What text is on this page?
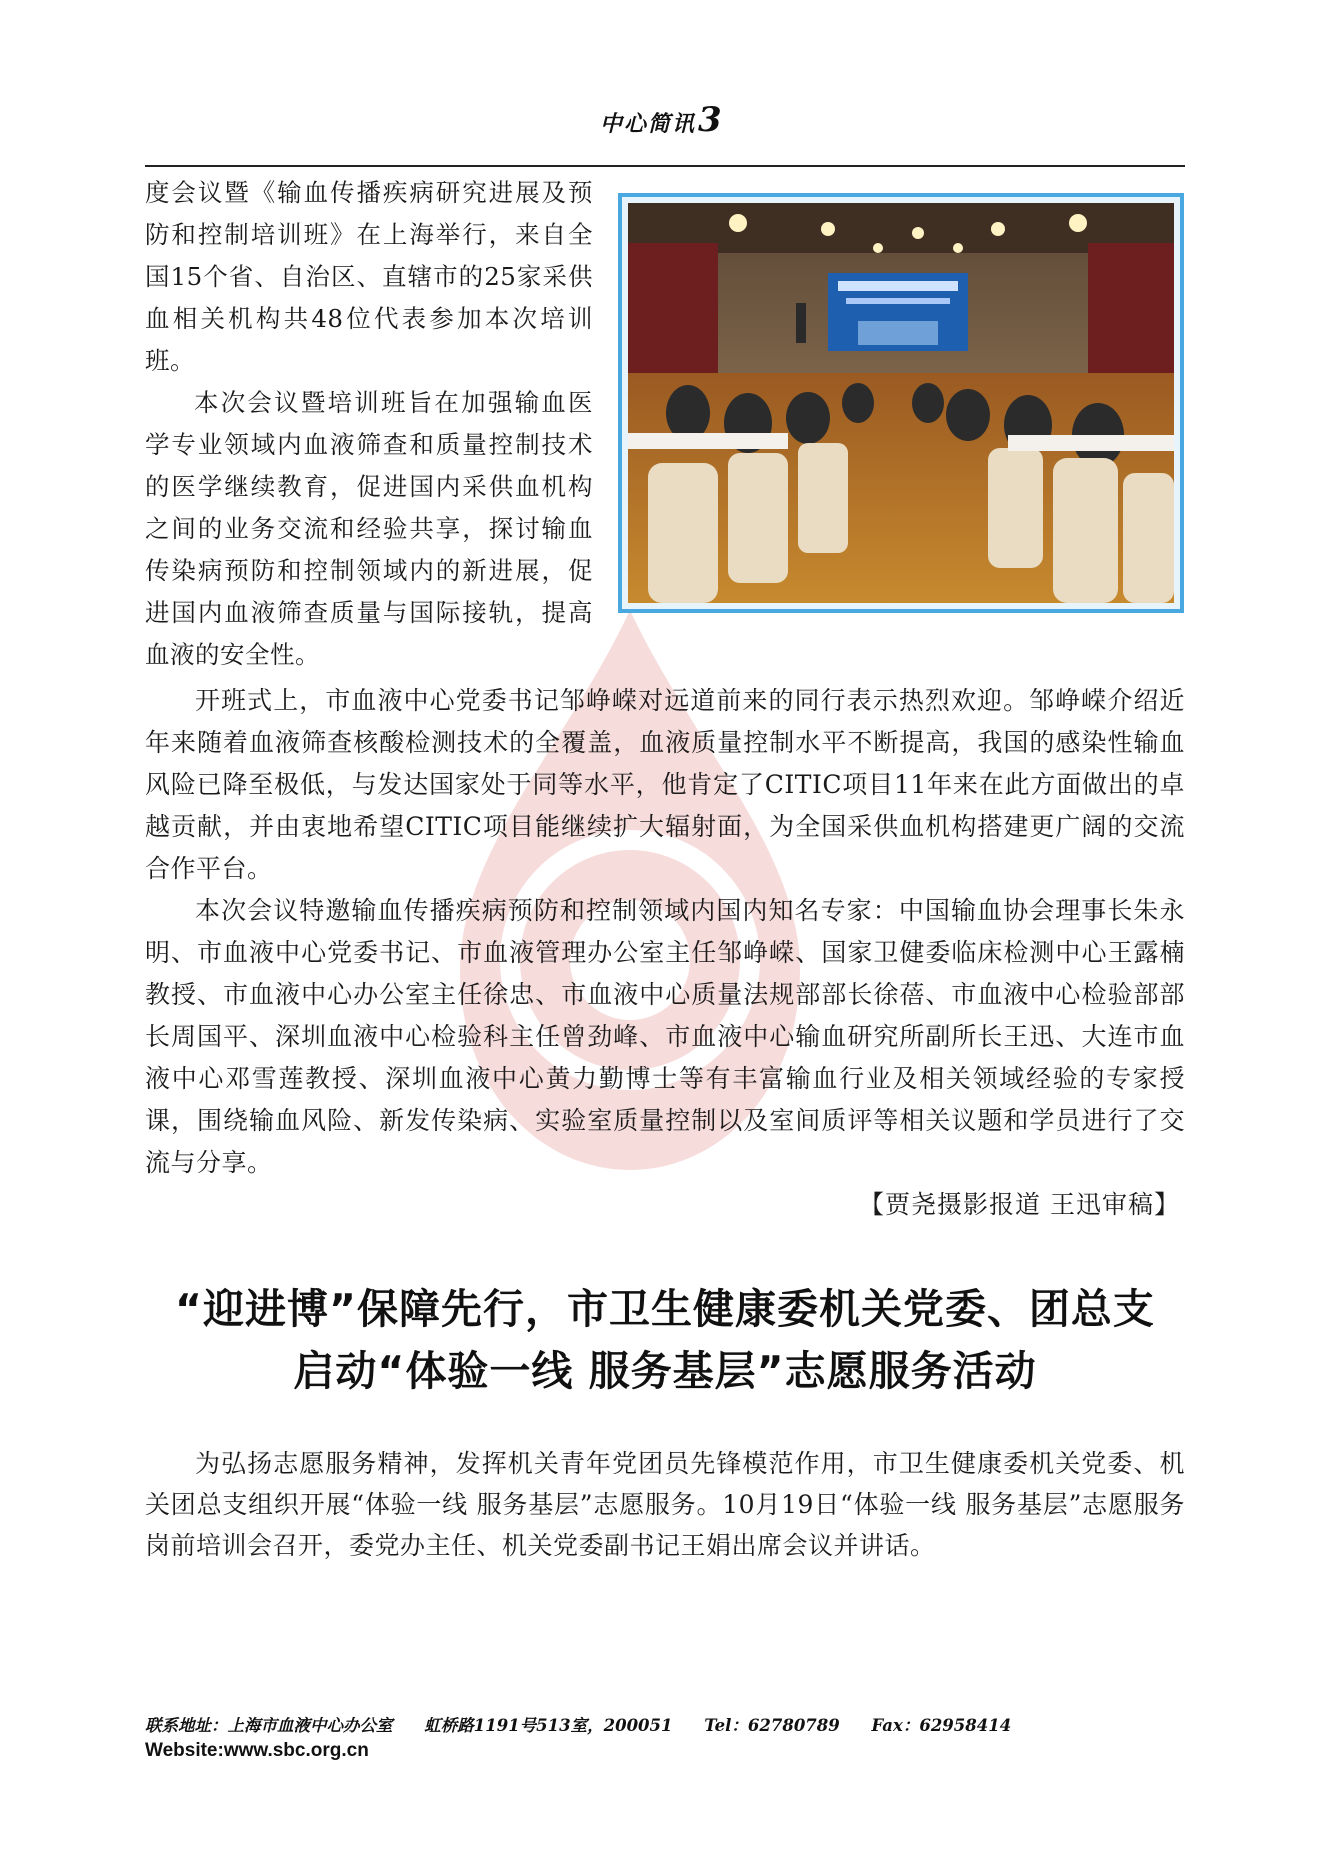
中心简讯3

度会议暨《输血传播疾病研究进展及预防和控制培训班》在上海举行，来自全国15个省、自治区、直辖市的25家采供血相关机构共48位代表参加本次培训班。

本次会议暨培训班旨在加强输血医学专业领域内血液筛查和质量控制技术的医学继续教育，促进国内采供血机构之间的业务交流和经验共享，探讨输血传染病预防和控制领域内的新进展，促进国内血液筛查质量与国际接轨，提高血液的安全性。

开班式上，市血液中心党委书记邹峥嵘对远道前来的同行表示热烈欢迎。邹峥嵘介绍近年来随着血液筛查核酸检测技术的全覆盖，血液质量控制水平不断提高，我国的感染性输血风险已降至极低，与发达国家处于同等水平，他肯定了CITIC项目11年来在此方面做出的卓越贡献，并由衷地希望CITIC项目能继续扩大辐射面，为全国采供血机构搭建更广阔的交流合作平台。

本次会议特邀输血传播疾病预防和控制领域内国内知名专家：中国输血协会理事长朱永明、市血液中心党委书记、市血液管理办公室主任邹峥嵘、国家卫健委临床检测中心王露楠教授、市血液中心办公室主任徐忠、市血液中心质量法规部部长徐蓓、市血液中心检验部部长周国平、深圳血液中心检验科主任曾劲峰、市血液中心输血研究所副所长王迅、大连市血液中心邓雪莲教授、深圳血液中心黄力勤博士等有丰富输血行业及相关领域经验的专家授课，围绕输血风险、新发传染病、实验室质量控制以及室间质评等相关议题和学员进行了交流与分享。

【贾尧摄影报道 王迅审稿】
“迎进博”保障先行，市卫生健康委机关党委、团总支
启动“体验一线 服务基层”志愿服务活动

为弘扬志愿服务精神，发挥机关青年党团员先锋模范作用，市卫生健康委机关党委、机关团总支组织开展“体验一线 服务基层”志愿服务。10月19日“体验一线 服务基层”志愿服务岗前培训会召开，委党办主任、机关党委副书记王娟出席会议并讲话。

联系地址：上海市血液中心办公室 虹桥路1191号513室，200051 Tel：62780789 Fax：62958414
Website:www.sbc.org.cn
